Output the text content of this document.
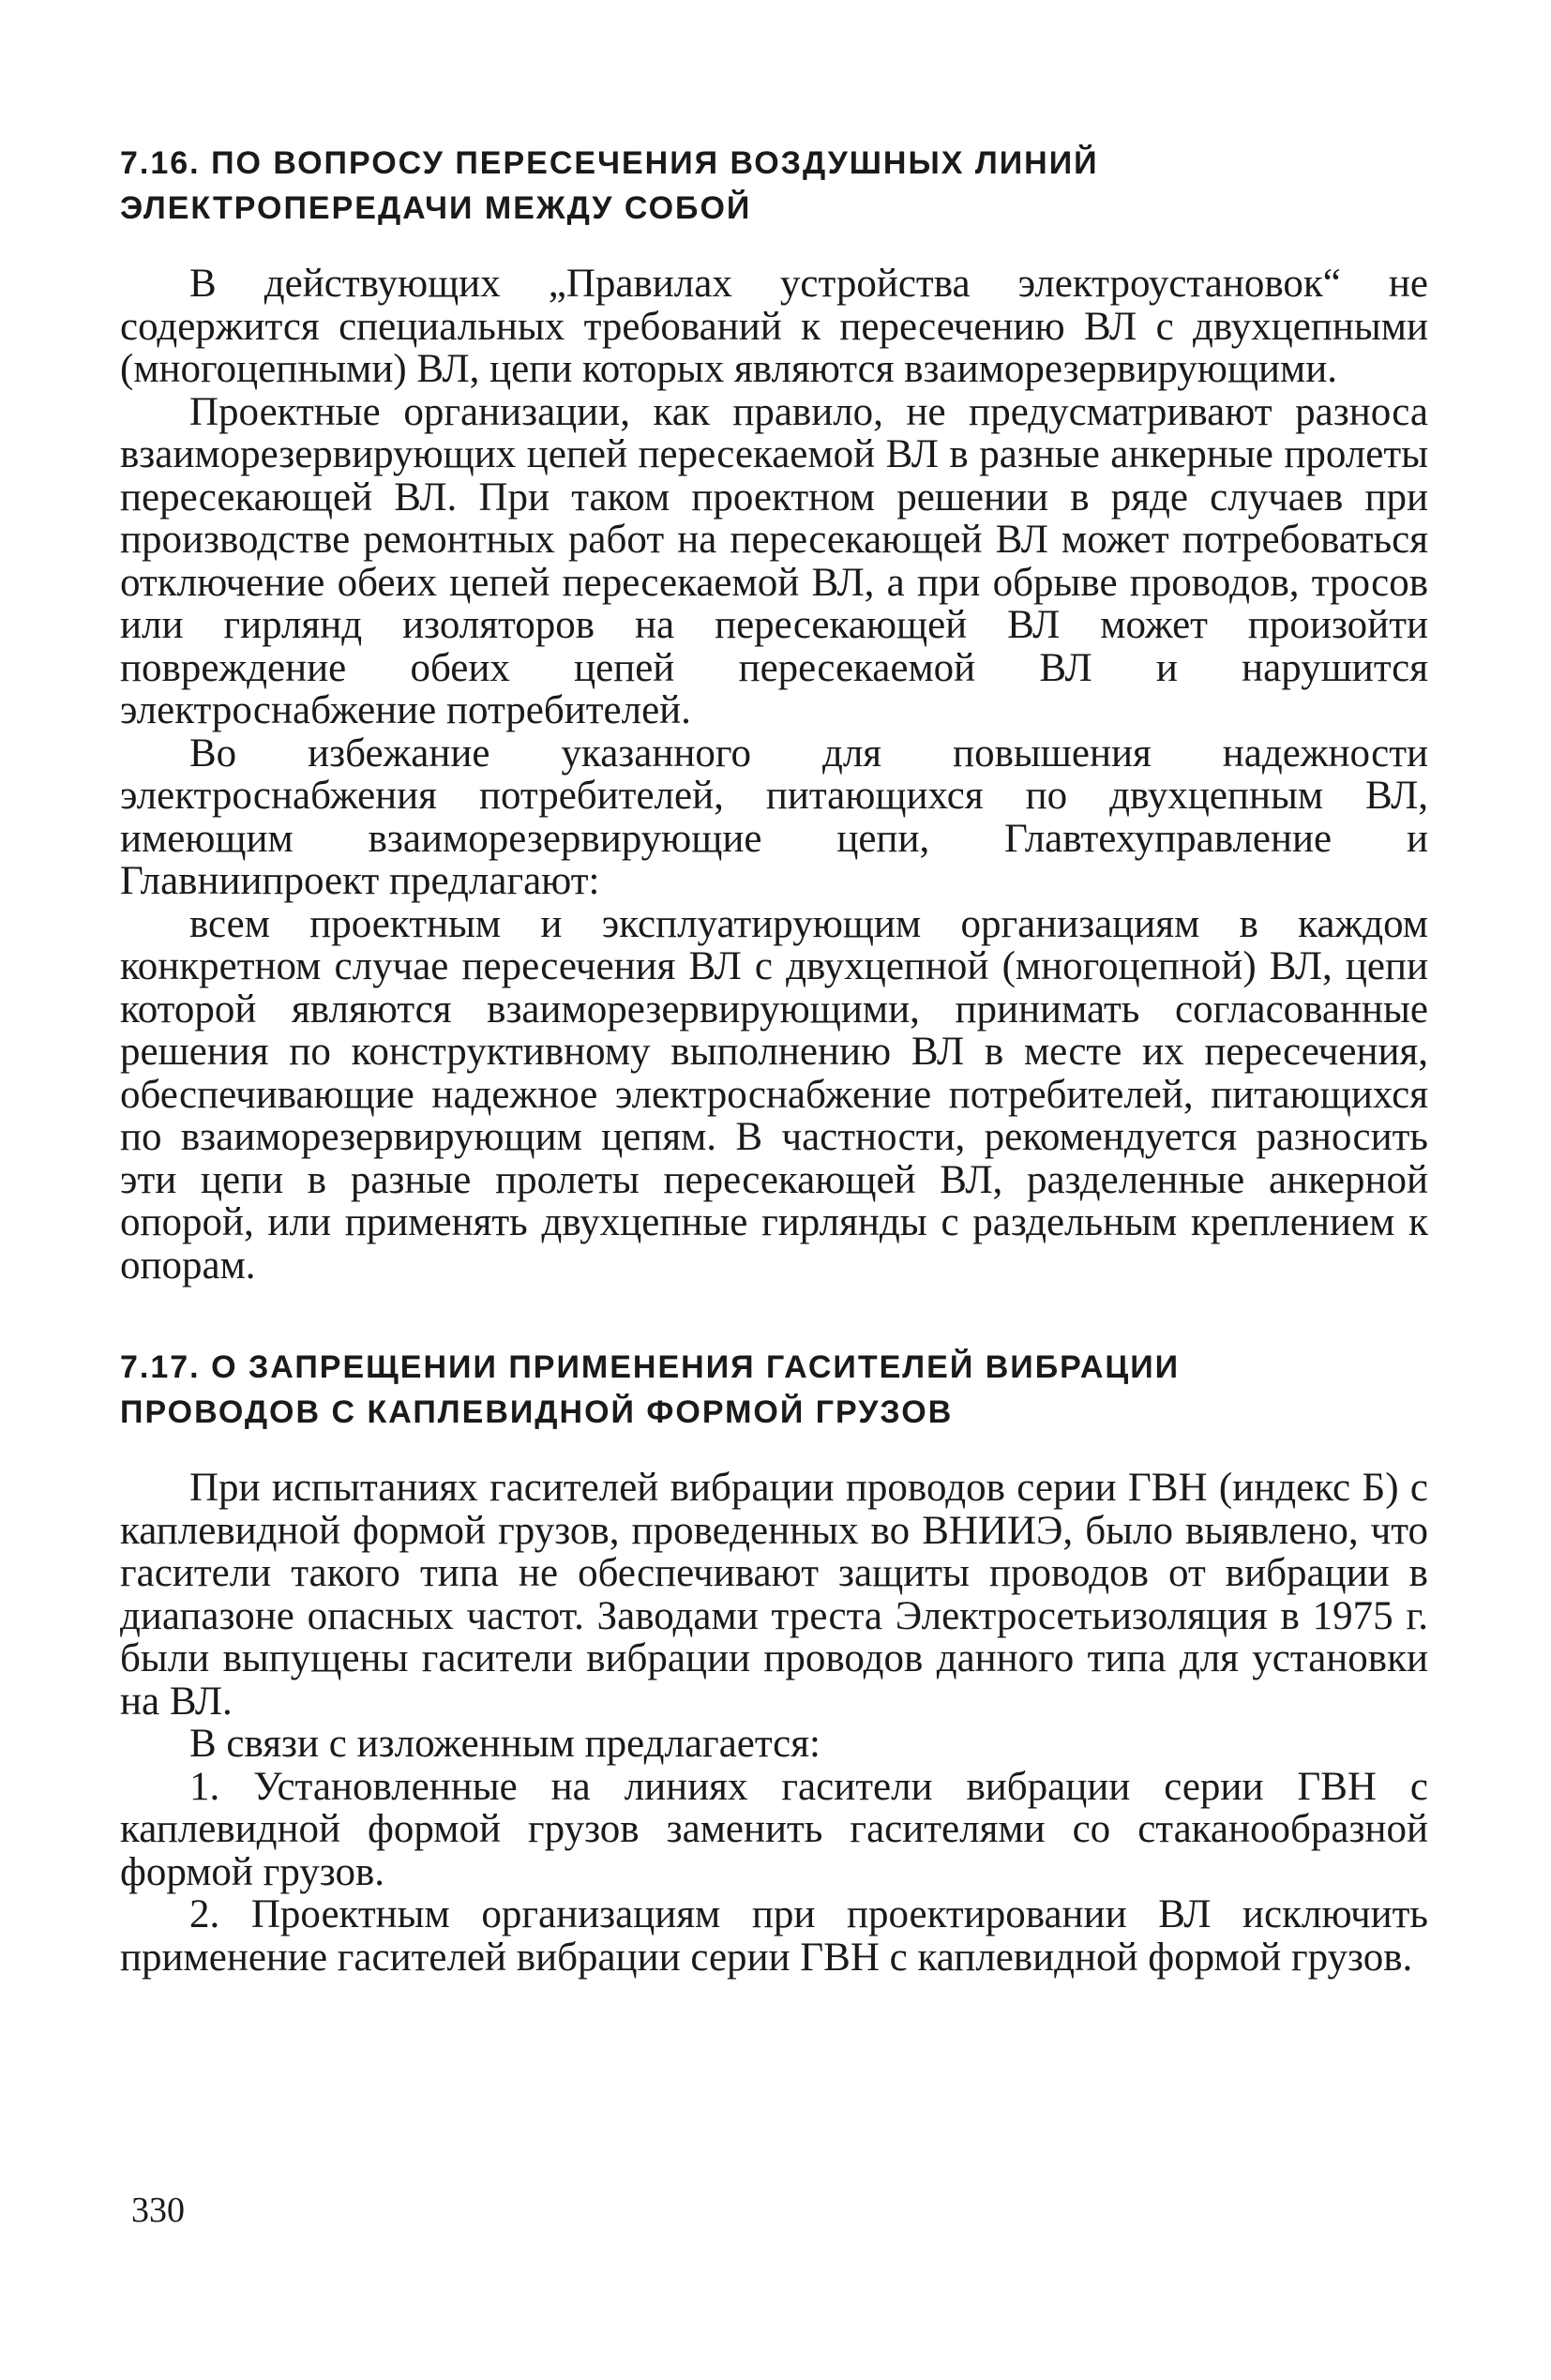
7.16. ПО ВОПРОСУ ПЕРЕСЕЧЕНИЯ ВОЗДУШНЫХ ЛИНИЙ
ЭЛЕКТРОПЕРЕДАЧИ МЕЖДУ СОБОЙ

В действующих „Правилах устройства электроустановок“ не содержится специальных требований к пересечению ВЛ с двухцепными (многоцепными) ВЛ, цепи которых являются взаиморезервирующими.

Проектные организации, как правило, не предусматривают разноса взаиморезервирующих цепей пересекаемой ВЛ в разные анкерные пролеты пересекающей ВЛ. При таком проектном решении в ряде случаев при производстве ремонтных работ на пересекающей ВЛ может потребоваться отключение обеих цепей пересекаемой ВЛ, а при обрыве проводов, тросов или гирлянд изоляторов на пересекающей ВЛ может произойти повреждение обеих цепей пересекаемой ВЛ и нарушится электроснабжение потребителей.

Во избежание указанного для повышения надежности электроснабжения потребителей, питающихся по двухцепным ВЛ, имеющим взаиморезервирующие цепи, Главтехуправление и Главниипроект предлагают:

всем проектным и эксплуатирующим организациям в каждом конкретном случае пересечения ВЛ с двухцепной (многоцепной) ВЛ, цепи которой являются взаиморезервирующими, принимать согласованные решения по конструктивному выполнению ВЛ в месте их пересечения, обеспечивающие надежное электроснабжение потребителей, питающихся по взаиморезервирующим цепям. В частности, рекомендуется разносить эти цепи в разные пролеты пересекающей ВЛ, разделенные анкерной опорой, или применять двухцепные гирлянды с раздельным креплением к опорам.

7.17. О ЗАПРЕЩЕНИИ ПРИМЕНЕНИЯ ГАСИТЕЛЕЙ ВИБРАЦИИ
ПРОВОДОВ С КАПЛЕВИДНОЙ ФОРМОЙ ГРУЗОВ

При испытаниях гасителей вибрации проводов серии ГВН (индекс Б) с каплевидной формой грузов, проведенных во ВНИИЭ, было выявлено, что гасители такого типа не обеспечивают защиты проводов от вибрации в диапазоне опасных частот. Заводами треста Электросетьизоляция в 1975 г. были выпущены гасители вибрации проводов данного типа для установки на ВЛ.

В связи с изложенным предлагается:

1. Установленные на линиях гасители вибрации серии ГВН с каплевидной формой грузов заменить гасителями со стаканообразной формой грузов.

2. Проектным организациям при проектировании ВЛ исключить применение гасителей вибрации серии ГВН с каплевидной формой грузов.

330
